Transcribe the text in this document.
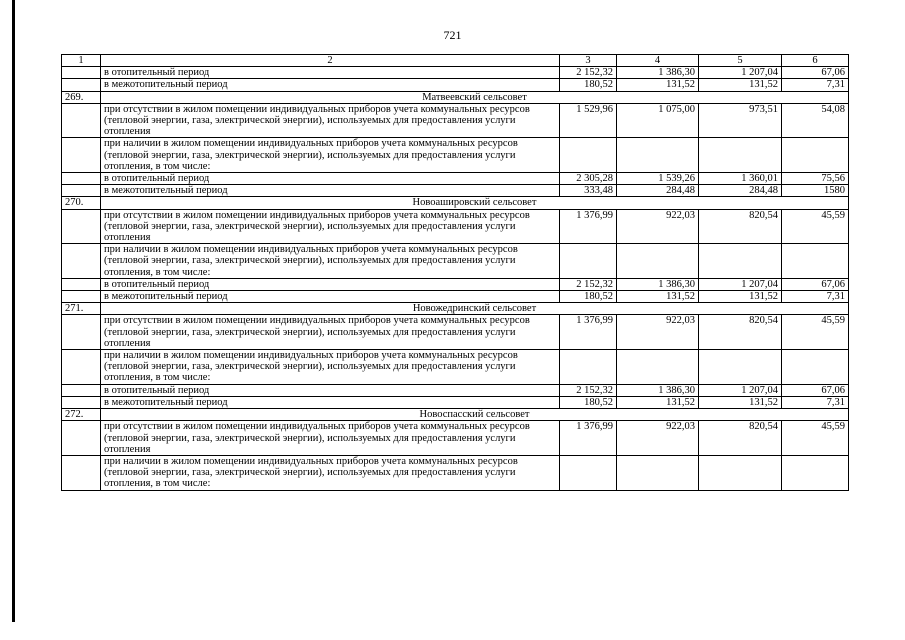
721
1	2	3	4	5	6
	в отопительный период	2 152,32	1 386,30	1 207,04	67,06
	в межотопительный период	180,52	131,52	131,52	7,31
269.	Матвеевский сельсовет				
	при отсутствии в жилом помещении индивидуальных приборов учета коммунальных ресурсов (тепловой энергии, газа, электрической энергии), используемых для предоставления услуги отопления	1 529,96	1 075,00	973,51	54,08
	при наличии в жилом помещении индивидуальных приборов учета коммунальных ресурсов (тепловой энергии, газа, электрической энергии), используемых для предоставления услуги отопления, в том числе:				
	в отопительный период	2 305,28	1 539,26	1 360,01	75,56
	в межотопительный период	333,48	284,48	284,48	1580
270.	Новоашировский сельсовет				
	при отсутствии в жилом помещении индивидуальных приборов учета коммунальных ресурсов (тепловой энергии, газа, электрической энергии), используемых для предоставления услуги отопления	1 376,99	922,03	820,54	45,59
	при наличии в жилом помещении индивидуальных приборов учета коммунальных ресурсов (тепловой энергии, газа, электрической энергии), используемых для предоставления услуги отопления, в том числе:				
	в отопительный период	2 152,32	1 386,30	1 207,04	67,06
	в межотопительный период	180,52	131,52	131,52	7,31
271.	Новожедринский сельсовет				
	при отсутствии в жилом помещении индивидуальных приборов учета коммунальных ресурсов (тепловой энергии, газа, электрической энергии), используемых для предоставления услуги отопления	1 376,99	922,03	820,54	45,59
	при наличии в жилом помещении индивидуальных приборов учета коммунальных ресурсов (тепловой энергии, газа, электрической энергии), используемых для предоставления услуги отопления, в том числе:				
	в отопительный период	2 152,32	1 386,30	1 207,04	67,06
	в межотопительный период	180,52	131,52	131,52	7,31
272.	Новоспасский сельсовет				
	при отсутствии в жилом помещении индивидуальных приборов учета коммунальных ресурсов (тепловой энергии, газа, электрической энергии), используемых для предоставления услуги отопления	1 376,99	922,03	820,54	45,59
	при наличии в жилом помещении индивидуальных приборов учета коммунальных ресурсов (тепловой энергии, газа, электрической энергии), используемых для предоставления услуги отопления, в том числе:				
